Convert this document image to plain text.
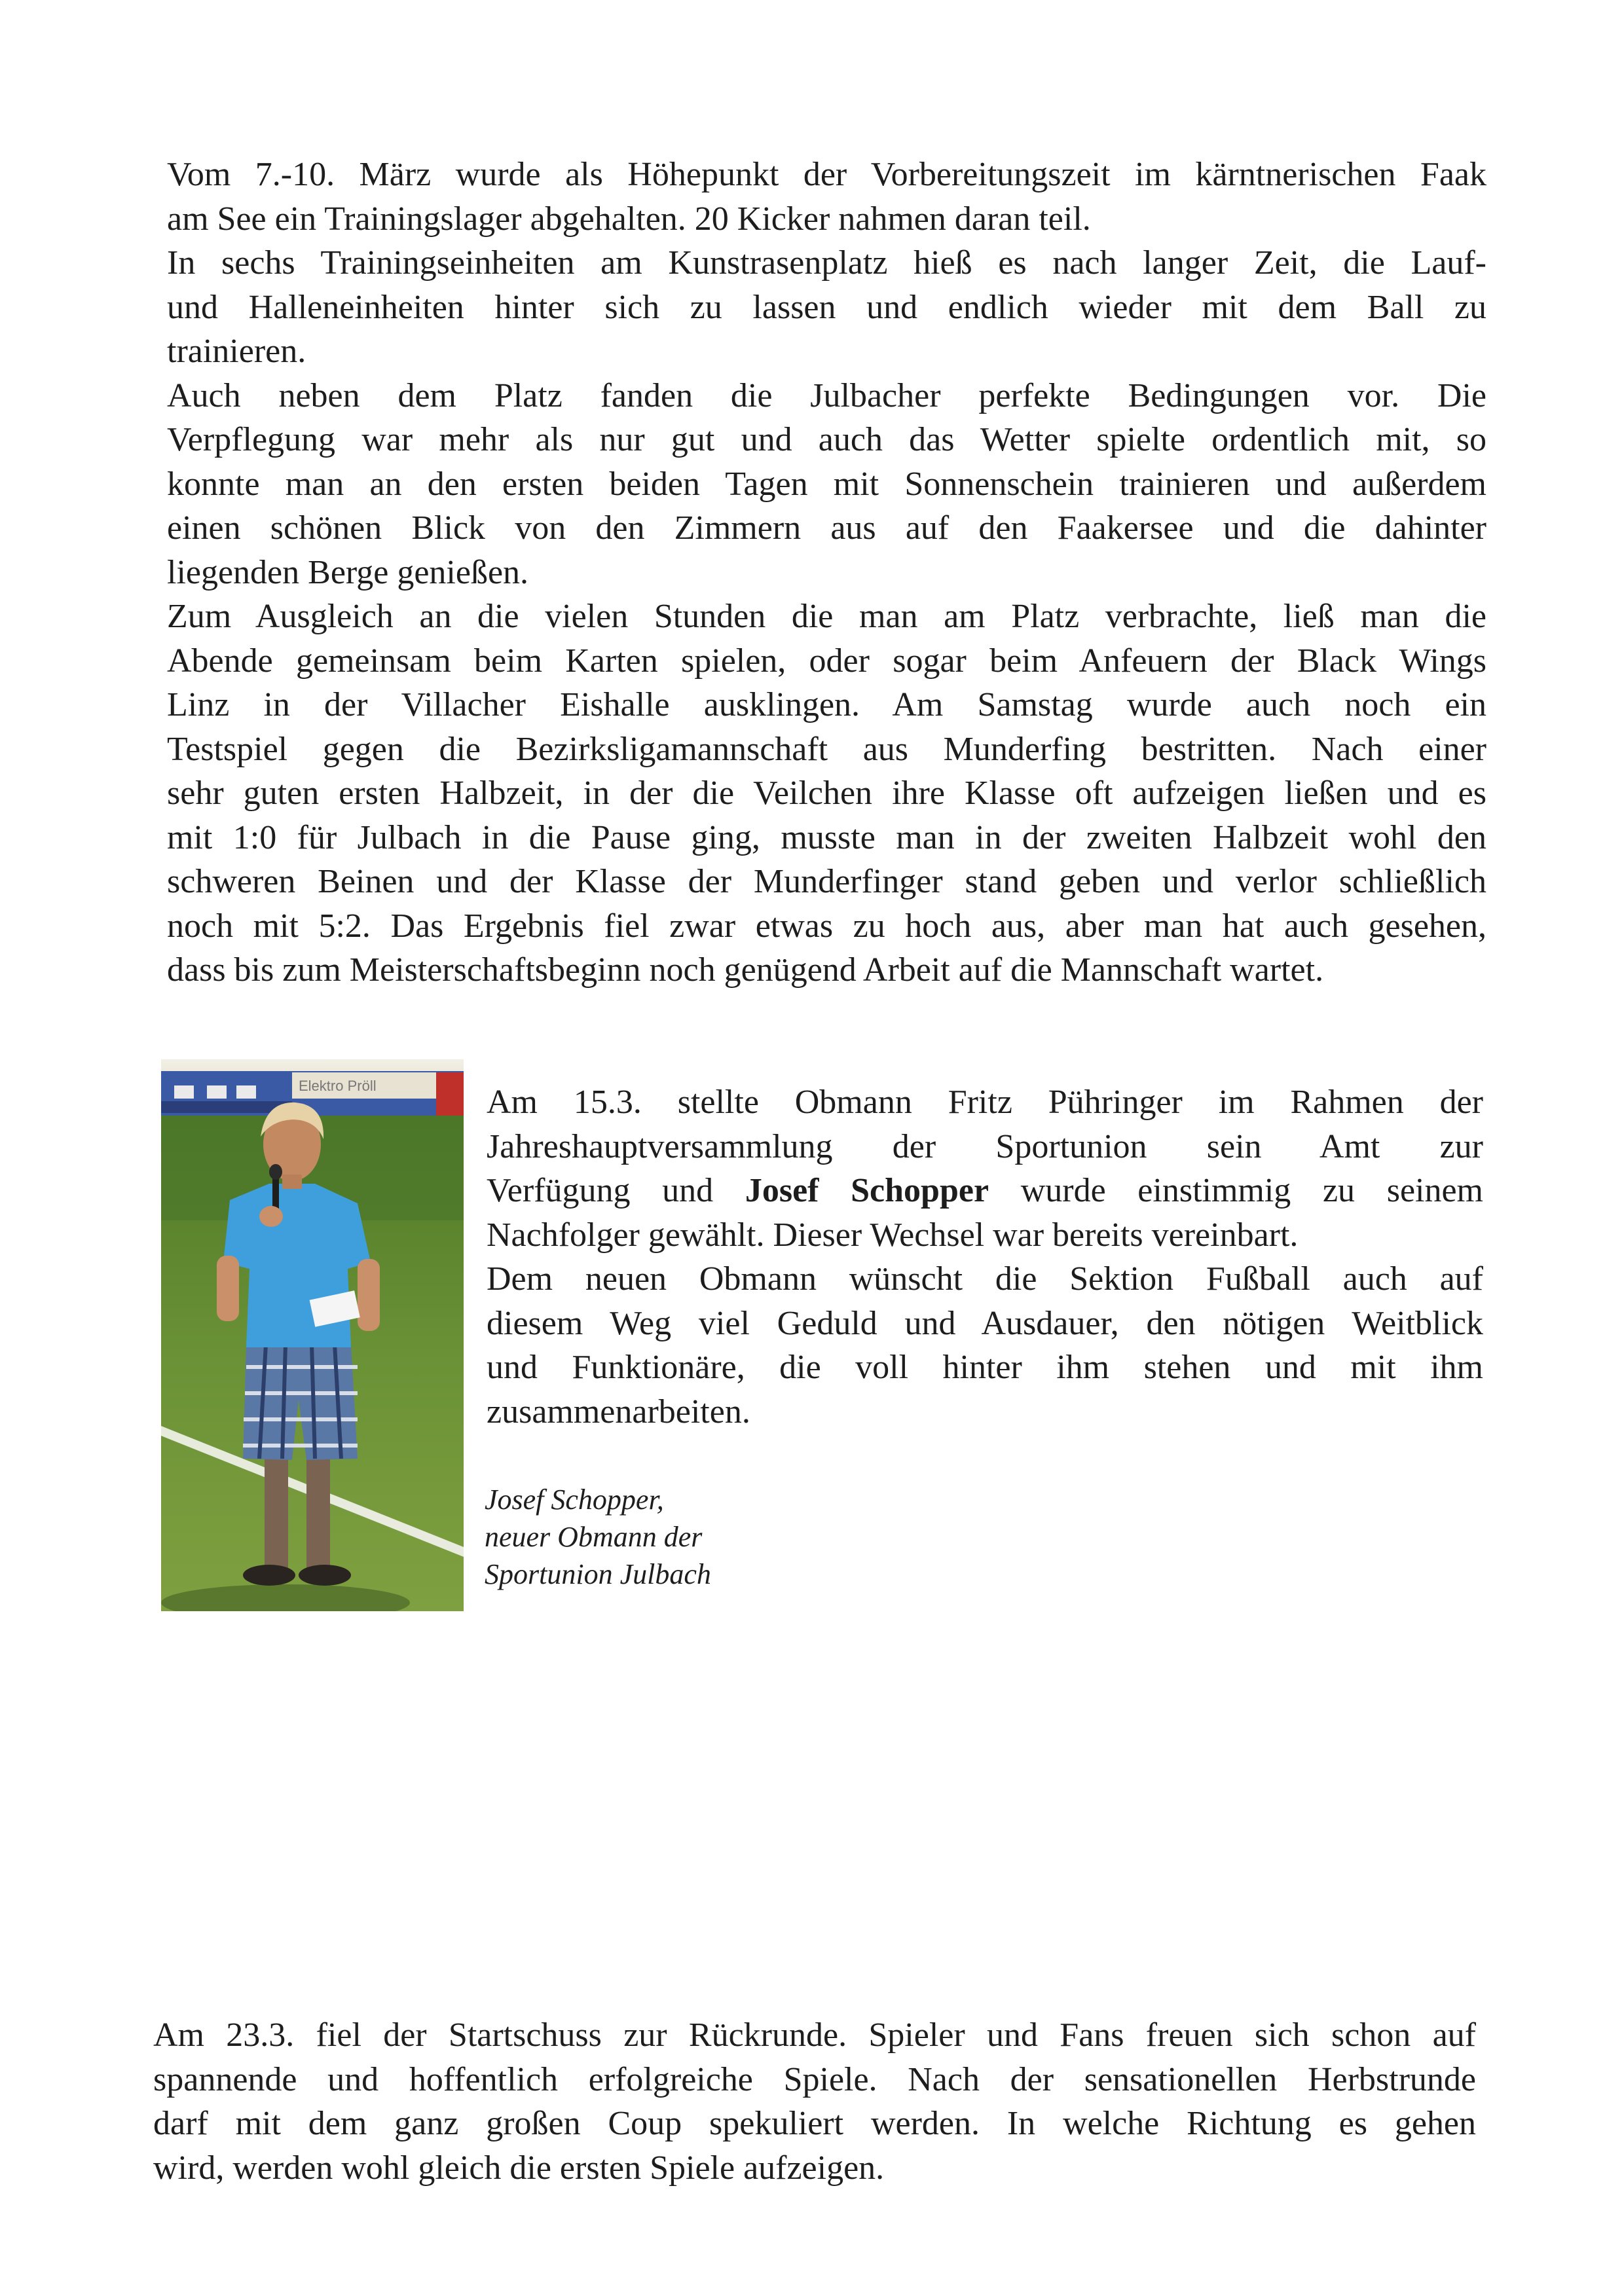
Vom 7.-10. März wurde als Höhepunkt der Vorbereitungszeit im kärntnerischen Faak
am See ein Trainingslager abgehalten. 20 Kicker nahmen daran teil.
In sechs Trainingseinheiten am Kunstrasenplatz hieß es nach langer Zeit, die Lauf-
und Halleneinheiten hinter sich zu lassen und endlich wieder mit dem Ball zu
trainieren.
Auch neben dem Platz fanden die Julbacher perfekte Bedingungen vor. Die
Verpflegung war mehr als nur gut und auch das Wetter spielte ordentlich mit, so
konnte man an den ersten beiden Tagen mit Sonnenschein trainieren und außerdem
einen schönen Blick von den Zimmern aus auf den Faakersee und die dahinter
liegenden Berge genießen.
Zum Ausgleich an die vielen Stunden die man am Platz verbrachte, ließ man die
Abende gemeinsam beim Karten spielen, oder sogar beim Anfeuern der Black Wings
Linz in der Villacher Eishalle ausklingen. Am Samstag wurde auch noch ein
Testspiel gegen die Bezirksligamannschaft aus Munderfing bestritten. Nach einer
sehr guten ersten Halbzeit, in der die Veilchen ihre Klasse oft aufzeigen ließen und es
mit 1:0 für Julbach in die Pause ging, musste man in der zweiten Halbzeit wohl den
schweren Beinen und der Klasse der Munderfinger stand geben und verlor schließlich
noch mit 5:2. Das Ergebnis fiel zwar etwas zu hoch aus, aber man hat auch gesehen,
dass bis zum Meisterschaftsbeginn noch genügend Arbeit auf die Mannschaft wartet.
Elektro Pröll	Am 15.3. stellte Obmann Fritz Pühringer im Rahmen der
Jahreshauptversammlung der Sportunion sein Amt zur
Verfügung und Josef Schopper wurde einstimmig zu seinem
Nachfolger gewählt. Dieser Wechsel war bereits vereinbart.
Dem neuen Obmann wünscht die Sektion Fußball auch auf
diesem Weg viel Geduld und Ausdauer, den nötigen Weitblick
und Funktionäre, die voll hinter ihm stehen und mit ihm
zusammenarbeiten.
Josef Schopper,
neuer Obmann der
Sportunion Julbach
Am 23.3. fiel der Startschuss zur Rückrunde. Spieler und Fans freuen sich schon auf
spannende und hoffentlich erfolgreiche Spiele. Nach der sensationellen Herbstrunde
darf mit dem ganz großen Coup spekuliert werden. In welche Richtung es gehen
wird, werden wohl gleich die ersten Spiele aufzeigen.
